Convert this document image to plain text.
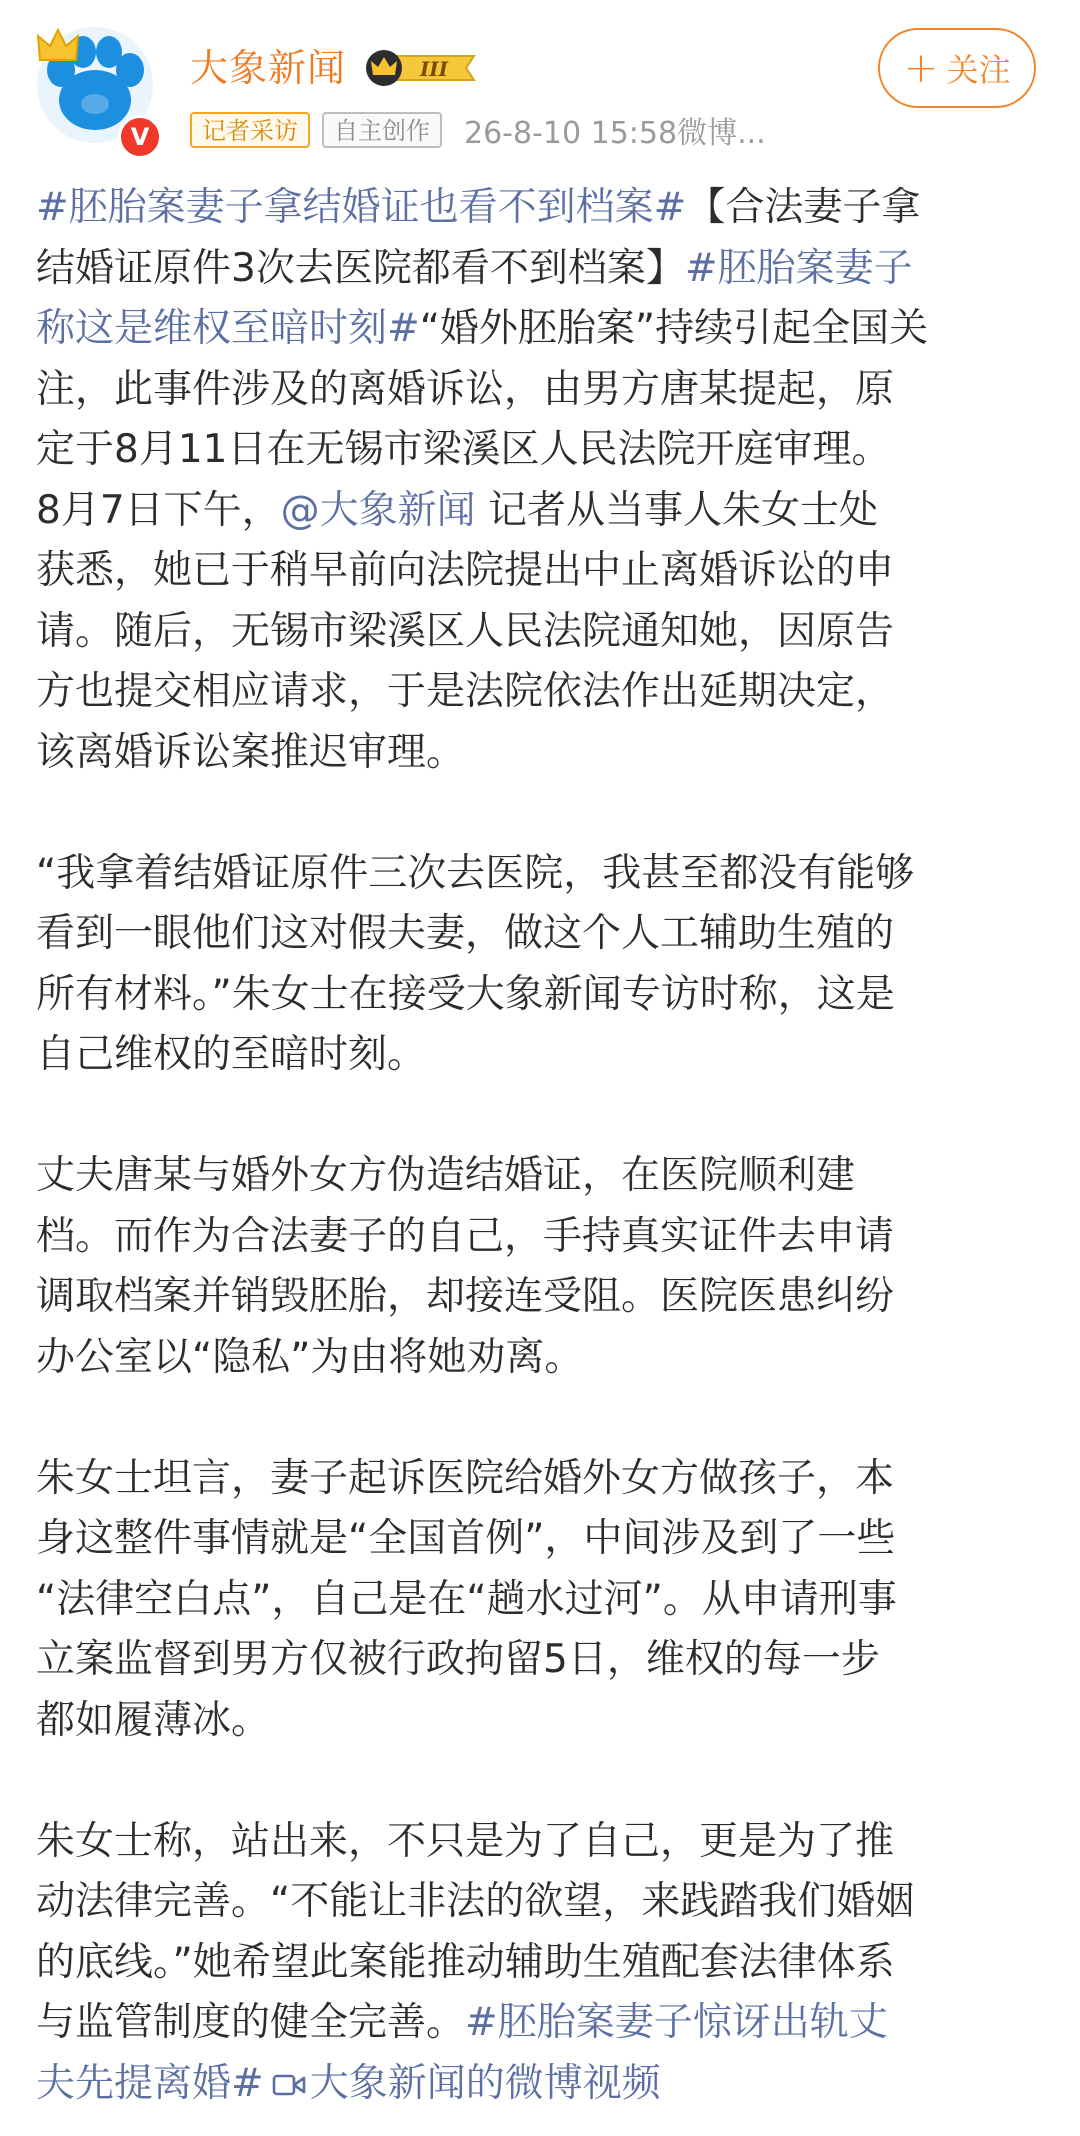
V
大象新闻	III
记者采访	自主创作	26-8-10 15:58微博...
+ 关注
#胚胎案妻子拿结婚证也看不到档案#【合法妻子拿
结婚证原件3次去医院都看不到档案】#胚胎案妻子
称这是维权至暗时刻#“婚外胚胎案”持续引起全国关
注，此事件涉及的离婚诉讼，由男方唐某提起，原
定于8月11日在无锡市梁溪区人民法院开庭审理。
8月7日下午，@大象新闻 记者从当事人朱女士处
获悉，她已于稍早前向法院提出中止离婚诉讼的申
请。随后，无锡市梁溪区人民法院通知她，因原告
方也提交相应请求，于是法院依法作出延期决定，
该离婚诉讼案推迟审理。
“我拿着结婚证原件三次去医院，我甚至都没有能够
看到一眼他们这对假夫妻，做这个人工辅助生殖的
所有材料。”朱女士在接受大象新闻专访时称，这是
自己维权的至暗时刻。
丈夫唐某与婚外女方伪造结婚证，在医院顺利建
档。而作为合法妻子的自己，手持真实证件去申请
调取档案并销毁胚胎，却接连受阻。医院医患纠纷
办公室以“隐私”为由将她劝离。
朱女士坦言，妻子起诉医院给婚外女方做孩子，本
身这整件事情就是“全国首例”，中间涉及到了一些
“法律空白点”，自己是在“趟水过河”。从申请刑事
立案监督到男方仅被行政拘留5日，维权的每一步
都如履薄冰。
朱女士称，站出来，不只是为了自己，更是为了推
动法律完善。“不能让非法的欲望，来践踏我们婚姻
的底线。”她希望此案能推动辅助生殖配套法律体系
与监管制度的健全完善。#胚胎案妻子惊讶出轨丈
夫先提离婚# 大象新闻的微博视频
